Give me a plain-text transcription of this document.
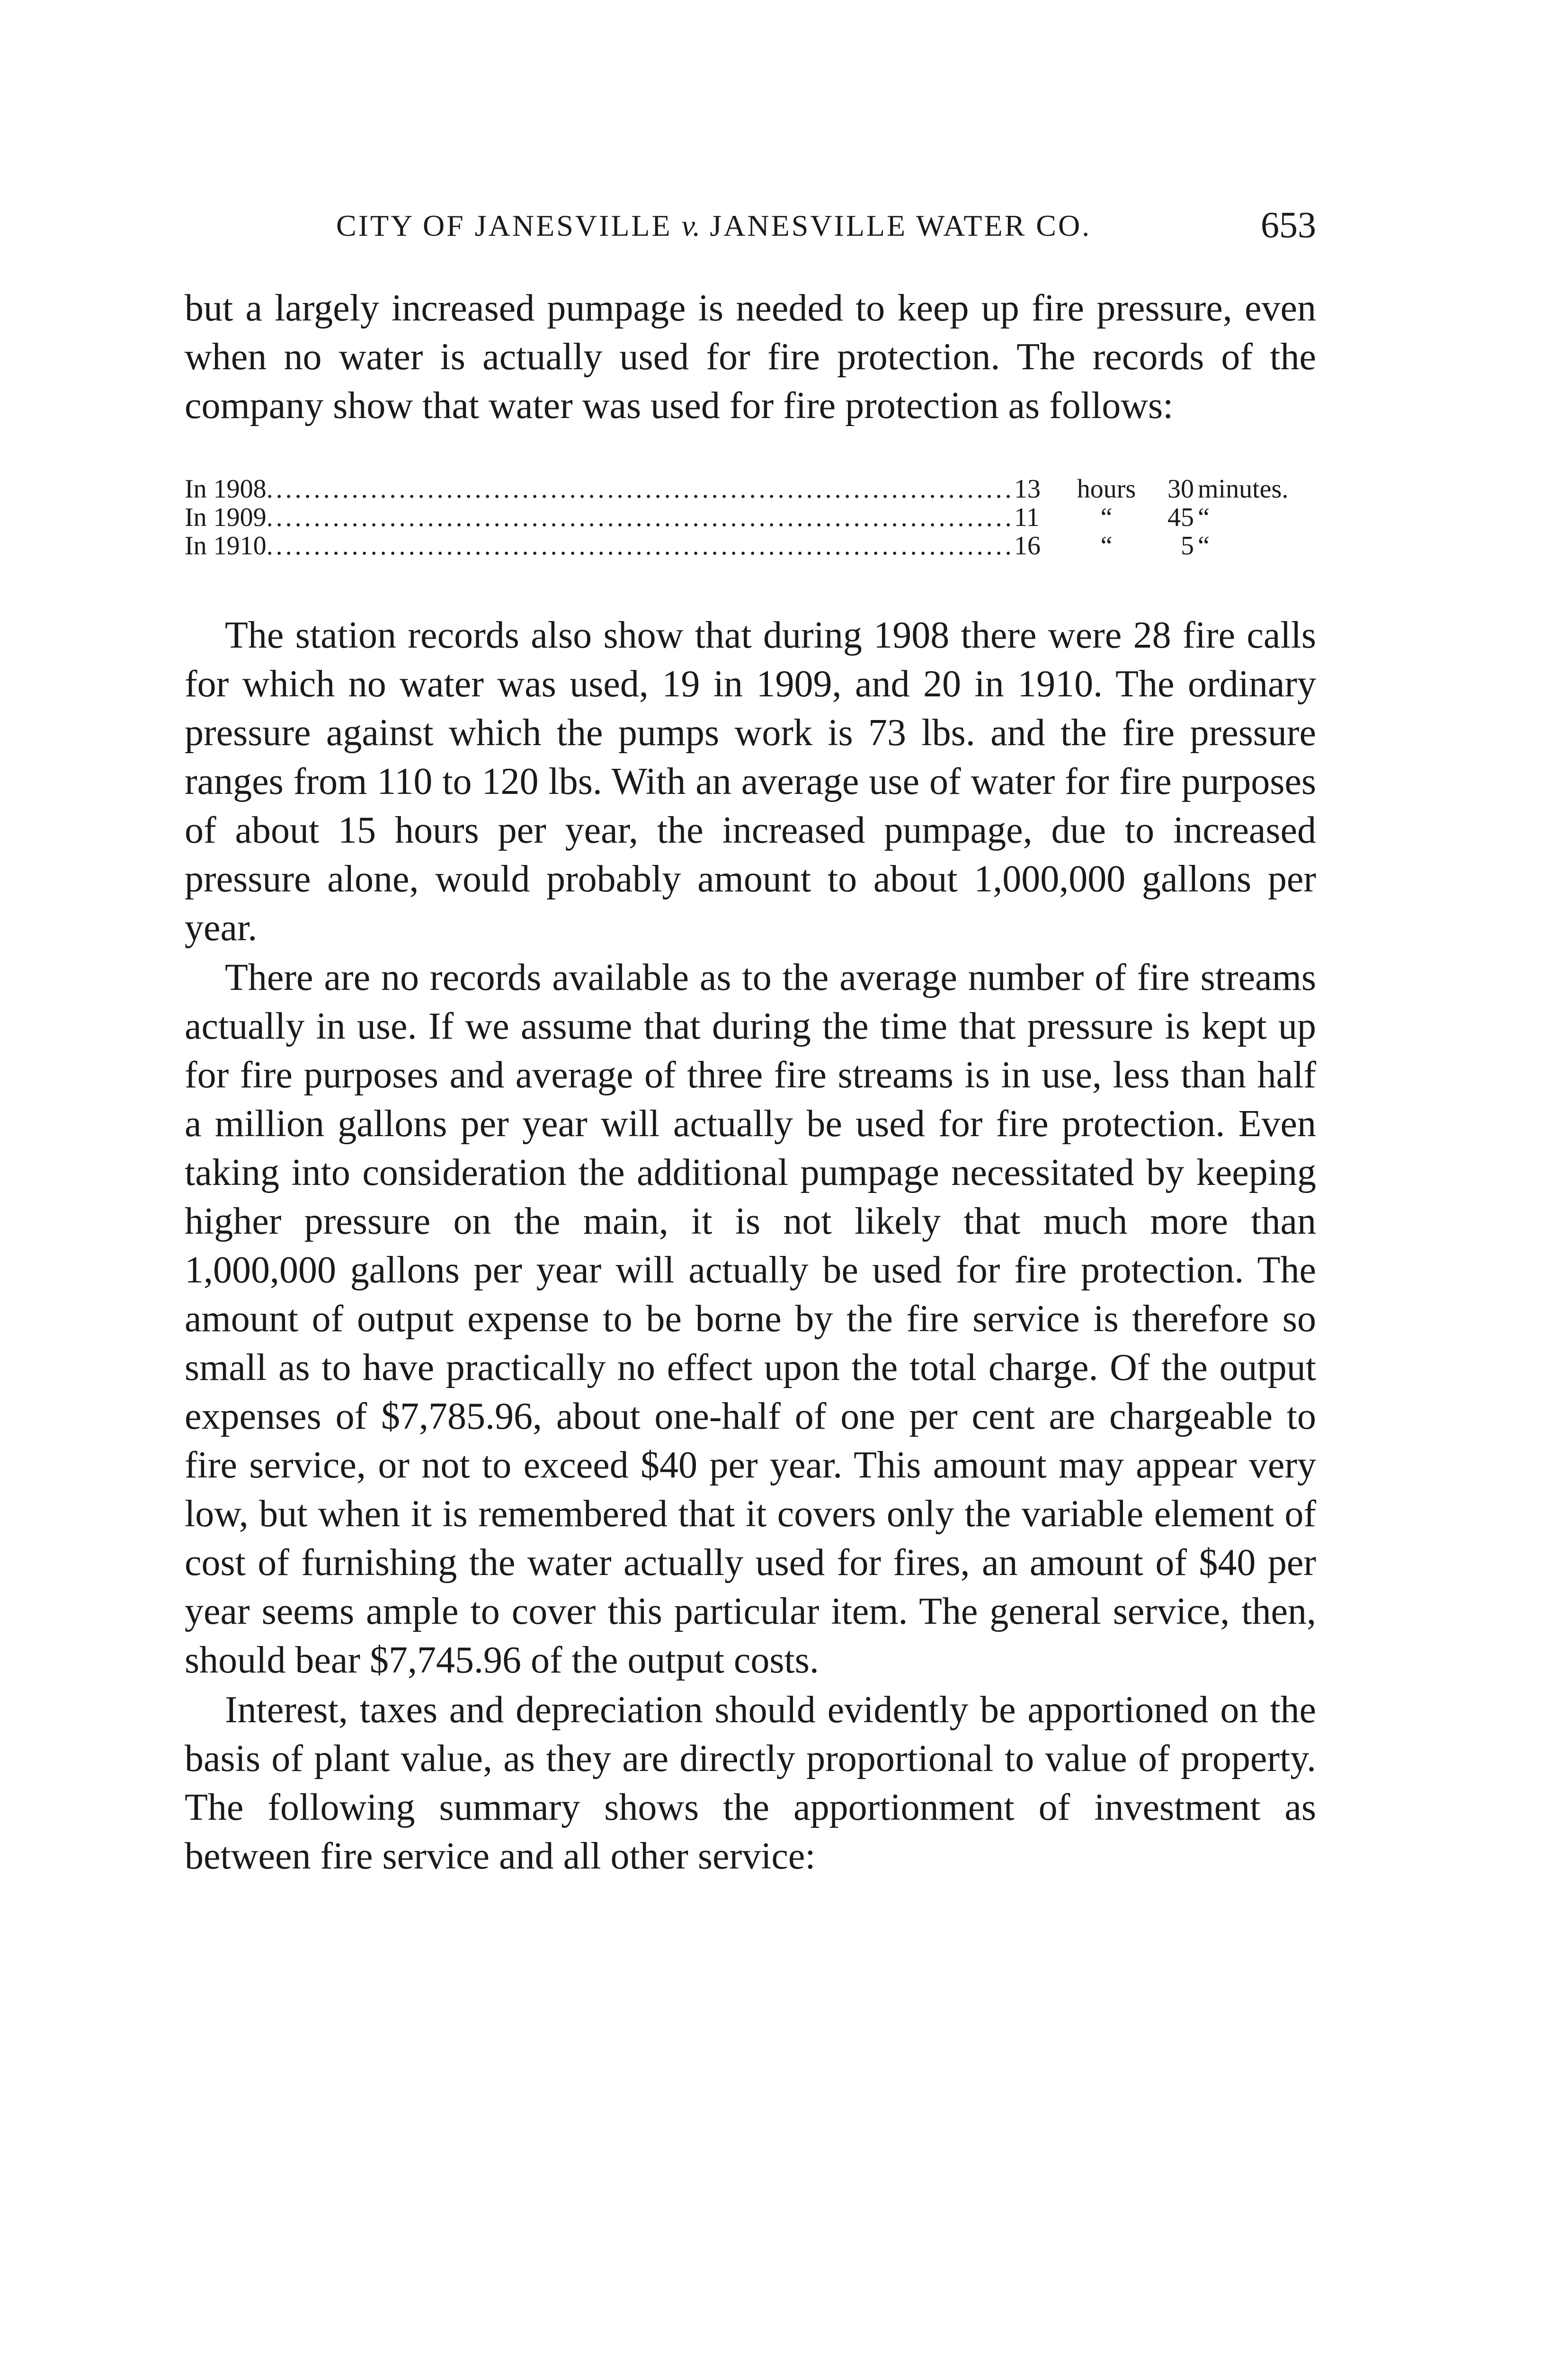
CITY OF JANESVILLE v. JANESVILLE WATER CO.	653

but a largely increased pumpage is needed to keep up fire pressure, even when no water is actually used for fire protection. The records of the company show that water was used for fire protection as follows:

In 1908 .....	13	hours	30 minutes.
In 1909 .....	11	“	45 “
In 1910 .....	16	“	5 “

The station records also show that during 1908 there were 28 fire calls for which no water was used, 19 in 1909, and 20 in 1910. The ordinary pressure against which the pumps work is 73 lbs. and the fire pressure ranges from 110 to 120 lbs. With an average use of water for fire purposes of about 15 hours per year, the increased pumpage, due to increased pressure alone, would probably amount to about 1,000,000 gallons per year.

There are no records available as to the average number of fire streams actually in use. If we assume that during the time that pressure is kept up for fire purposes and average of three fire streams is in use, less than half a million gallons per year will actually be used for fire protection. Even taking into consideration the additional pumpage necessitated by keeping higher pressure on the main, it is not likely that much more than 1,000,000 gallons per year will actually be used for fire protection. The amount of output expense to be borne by the fire service is therefore so small as to have practically no effect upon the total charge. Of the output expenses of $7,785.96, about one-half of one per cent are chargeable to fire service, or not to exceed $40 per year. This amount may appear very low, but when it is remembered that it covers only the variable element of cost of furnishing the water actually used for fires, an amount of $40 per year seems ample to cover this particular item. The general service, then, should bear $7,745.96 of the output costs.

Interest, taxes and depreciation should evidently be apportioned on the basis of plant value, as they are directly proportional to value of property. The following summary shows the apportionment of investment as between fire service and all other service:
